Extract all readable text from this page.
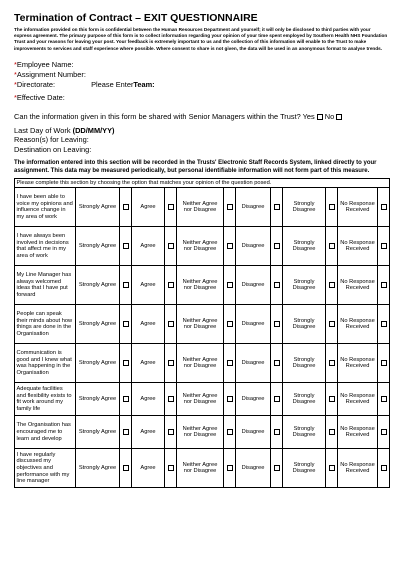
Termination of Contract – EXIT QUESTIONNAIRE
The information provided on this form is confidential between the Human Resources Department and yourself; it will only be disclosed to third parties with your express agreement. The primary purpose of this form is to collect information regarding your opinion of your time spent employed by Southern Health NHS Foundation Trust and your reasons for leaving your post. Your feedback is extremely important to us and the collection of this information will enable to the Trust to make improvements to services and staff experience where possible. Where consent to share is not given, the data will be used in an anonymous format to analyse trends.
*Employee Name:
*Assignment Number:
*Directorate:	Please EnterTeam:
*Effective Date:
Can the information given in this form be shared with Senior Managers within the Trust? Yes No
Last Day of Work (DD/MM/YY)
Reason(s) for Leaving:
Destination on Leaving:
The information entered into this section will be recorded in the Trusts' Electronic Staff Records System, linked directly to your assignment. This data may be measured periodically, but personal identifiable information will not form part of this measure.
Please complete this section by choosing the option that matches your opinion of the question posed.												
I have been able to voice my opinions and influence change in my area of work	Strongly Agree		Agree		Neither Agree nor Disagree		Disagree		Strongly Disagree		No Response Received	
I have always been involved in decisions that affect me in my area of work	Strongly Agree		Agree		Neither Agree nor Disagree		Disagree		Strongly Disagree		No Response Received	
My Line Manager has always welcomed ideas that I have put forward	Strongly Agree		Agree		Neither Agree nor Disagree		Disagree		Strongly Disagree		No Response Received	
People can speak their minds about how things are done in the Organisation	Strongly Agree		Agree		Neither Agree nor Disagree		Disagree		Strongly Disagree		No Response Received	
Communication is good and I knew what was happening in the Organisation	Strongly Agree		Agree		Neither Agree nor Disagree		Disagree		Strongly Disagree		No Response Received	
Adequate facilities and flexibility exists to fit work around my family life	Strongly Agree		Agree		Neither Agree nor Disagree		Disagree		Strongly Disagree		No Response Received	
The Organisation has encouraged me to learn and develop	Strongly Agree		Agree		Neither Agree nor Disagree		Disagree		Strongly Disagree		No Response Received	
I have regularly discussed my objectives and performance with my line manager	Strongly Agree		Agree		Neither Agree nor Disagree		Disagree		Strongly Disagree		No Response Received	
